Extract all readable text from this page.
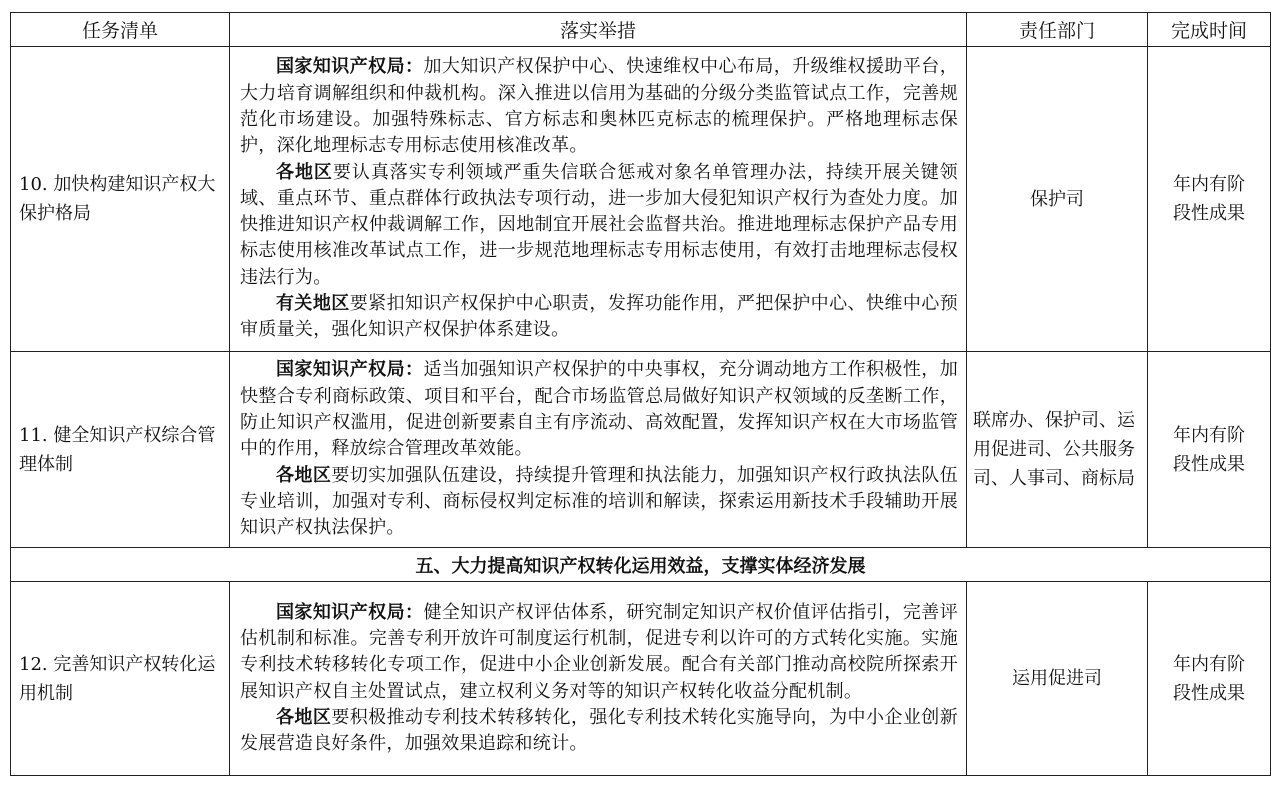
任务清单	落实举措	责任部门	完成时间
10. 加快构建知识产权大保护格局	国家知识产权局：加大知识产权保护中心、快速维权中心布局，升级维权援助平台，大力培育调解组织和仲裁机构。深入推进以信用为基础的分级分类监管试点工作，完善规范化市场建设。加强特殊标志、官方标志和奥林匹克标志的梳理保护。严格地理标志保护，深化地理标志专用标志使用核准改革。

各地区要认真落实专利领域严重失信联合惩戒对象名单管理办法，持续开展关键领域、重点环节、重点群体行政执法专项行动，进一步加大侵犯知识产权行为查处力度。加快推进知识产权仲裁调解工作，因地制宜开展社会监督共治。推进地理标志保护产品专用标志使用核准改革试点工作，进一步规范地理标志专用标志使用，有效打击地理标志侵权违法行为。

有关地区要紧扣知识产权保护中心职责，发挥功能作用，严把保护中心、快维中心预审质量关，强化知识产权保护体系建设。	保护司	年内有阶段性成果
11. 健全知识产权综合管理体制	国家知识产权局：适当加强知识产权保护的中央事权，充分调动地方工作积极性，加快整合专利商标政策、项目和平台，配合市场监管总局做好知识产权领域的反垄断工作，防止知识产权滥用，促进创新要素自主有序流动、高效配置，发挥知识产权在大市场监管中的作用，释放综合管理改革效能。

各地区要切实加强队伍建设，持续提升管理和执法能力，加强知识产权行政执法队伍专业培训，加强对专利、商标侵权判定标准的培训和解读，探索运用新技术手段辅助开展知识产权执法保护。	联席办、保护司、运用促进司、公共服务司、人事司、商标局	年内有阶段性成果
五、大力提高知识产权转化运用效益，支撑实体经济发展			
12. 完善知识产权转化运用机制	国家知识产权局：健全知识产权评估体系，研究制定知识产权价值评估指引，完善评估机制和标准。完善专利开放许可制度运行机制，促进专利以许可的方式转化实施。实施专利技术转移转化专项工作，促进中小企业创新发展。配合有关部门推动高校院所探索开展知识产权自主处置试点，建立权利义务对等的知识产权转化收益分配机制。

各地区要积极推动专利技术转移转化，强化专利技术转化实施导向，为中小企业创新发展营造良好条件，加强效果追踪和统计。	运用促进司	年内有阶段性成果
